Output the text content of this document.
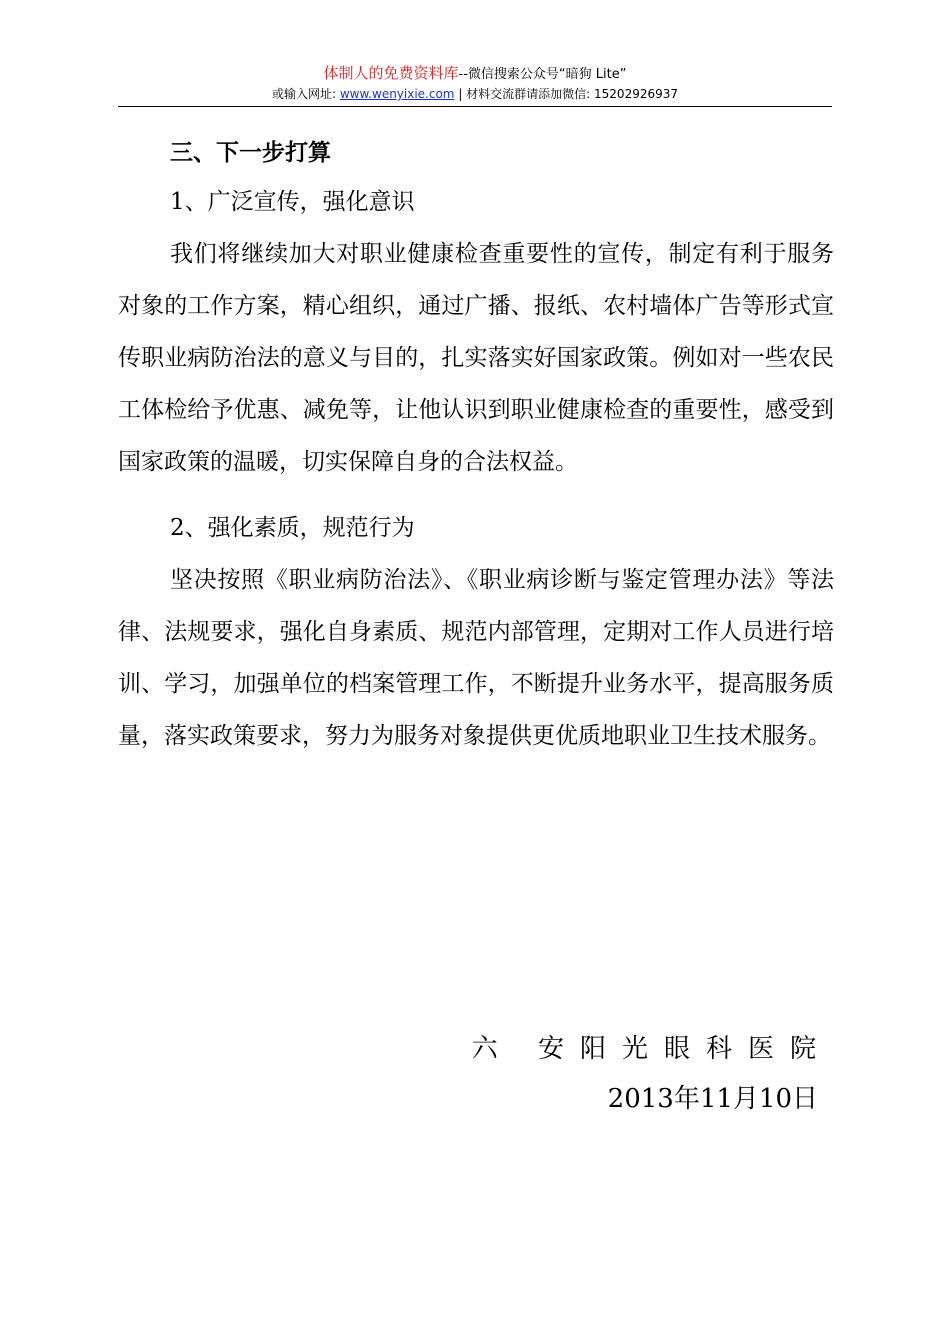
体制人的免费资料库--微信搜索公众号“暗狗 Lite”
或输入网址: www.wenyixie.com | 材料交流群请添加微信: 15202926937
三、下一步打算
1、广泛宣传，强化意识

我们将继续加大对职业健康检查重要性的宣传，制定有利于服务对象的工作方案，精心组织，通过广播、报纸、农村墙体广告等形式宣传职业病防治法的意义与目的，扎实落实好国家政策。例如对一些农民工体检给予优惠、减免等，让他认识到职业健康检查的重要性，感受到国家政策的温暖，切实保障自身的合法权益。

2、强化素质，规范行为

坚决按照《职业病防治法》、《职业病诊断与鉴定管理办法》等法律、法规要求，强化自身素质、规范内部管理，定期对工作人员进行培训、学习，加强单位的档案管理工作，不断提升业务水平，提高服务质量，落实政策要求，努力为服务对象提供更优质地职业卫生技术服务。

六 安阳光眼科医院
2013年11月10日
